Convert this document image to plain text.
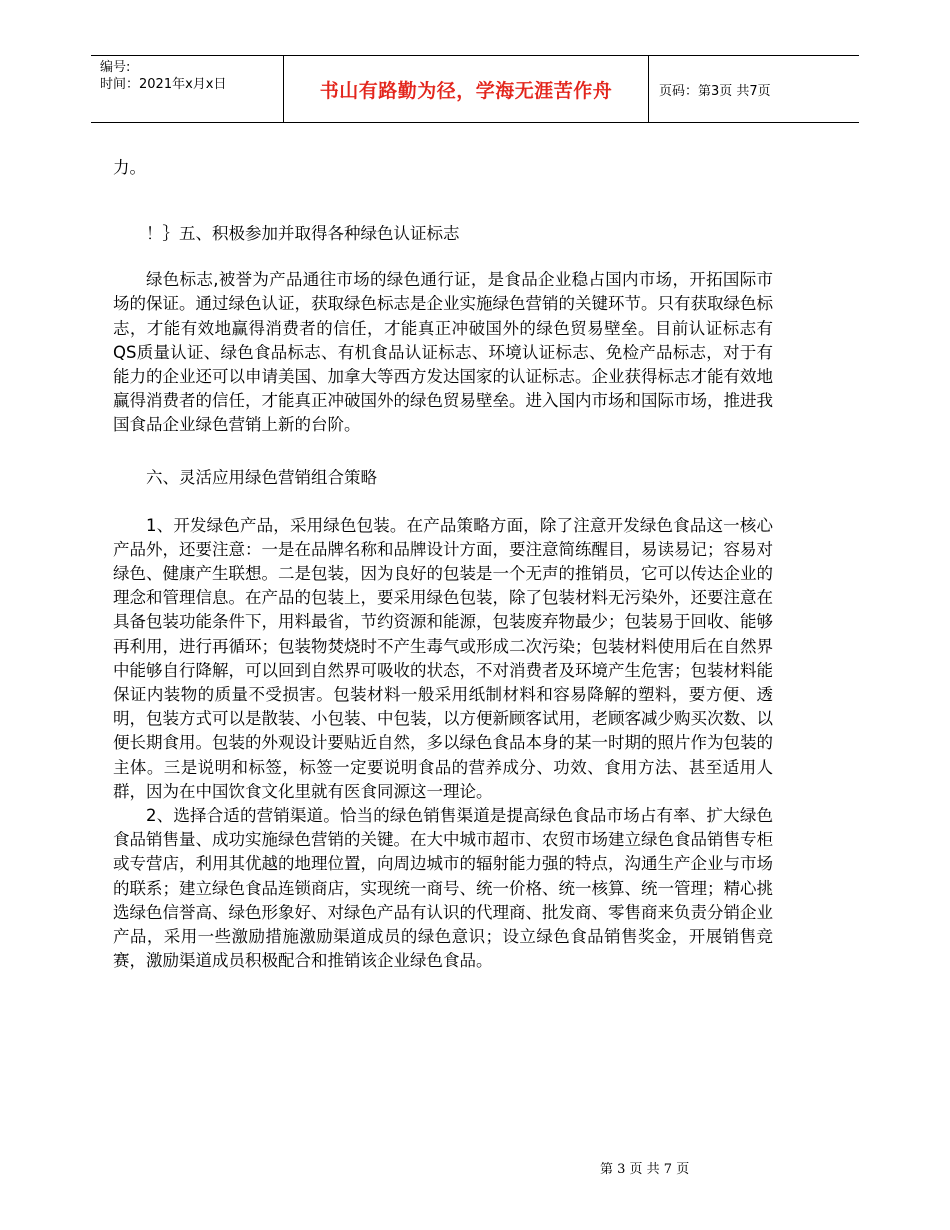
编号:
时间：2021年x月x日	书山有路勤为径，学海无涯苦作舟	页码：第3页 共7页

力。

！｝五、积极参加并取得各种绿色认证标志

绿色标志,被誉为产品通往市场的绿色通行证，是食品企业稳占国内市场，开拓国际市场的保证。通过绿色认证，获取绿色标志是企业实施绿色营销的关键环节。只有获取绿色标志，才能有效地赢得消费者的信任，才能真正冲破国外的绿色贸易壁垒。目前认证标志有QS质量认证、绿色食品标志、有机食品认证标志、环境认证标志、免检产品标志，对于有能力的企业还可以申请美国、加拿大等西方发达国家的认证标志。企业获得标志才能有效地赢得消费者的信任，才能真正冲破国外的绿色贸易壁垒。进入国内市场和国际市场，推进我国食品企业绿色营销上新的台阶。

六、灵活应用绿色营销组合策略

1、开发绿色产品，采用绿色包装。在产品策略方面，除了注意开发绿色食品这一核心产品外，还要注意：一是在品牌名称和品牌设计方面，要注意简练醒目，易读易记；容易对绿色、健康产生联想。二是包装，因为良好的包装是一个无声的推销员，它可以传达企业的理念和管理信息。在产品的包装上，要采用绿色包装，除了包装材料无污染外，还要注意在具备包装功能条件下，用料最省，节约资源和能源，包装废弃物最少；包装易于回收、能够再利用，进行再循环；包装物焚烧时不产生毒气或形成二次污染；包装材料使用后在自然界中能够自行降解，可以回到自然界可吸收的状态，不对消费者及环境产生危害；包装材料能保证内装物的质量不受损害。包装材料一般采用纸制材料和容易降解的塑料，要方便、透明，包装方式可以是散装、小包装、中包装，以方便新顾客试用，老顾客减少购买次数、以便长期食用。包装的外观设计要贴近自然，多以绿色食品本身的某一时期的照片作为包装的主体。三是说明和标签，标签一定要说明食品的营养成分、功效、食用方法、甚至适用人群，因为在中国饮食文化里就有医食同源这一理论。

2、选择合适的营销渠道。恰当的绿色销售渠道是提高绿色食品市场占有率、扩大绿色食品销售量、成功实施绿色营销的关键。在大中城市超市、农贸市场建立绿色食品销售专柜或专营店，利用其优越的地理位置，向周边城市的辐射能力强的特点，沟通生产企业与市场的联系；建立绿色食品连锁商店，实现统一商号、统一价格、统一核算、统一管理；精心挑选绿色信誉高、绿色形象好、对绿色产品有认识的代理商、批发商、零售商来负责分销企业产品，采用一些激励措施激励渠道成员的绿色意识；设立绿色食品销售奖金，开展销售竞赛，激励渠道成员积极配合和推销该企业绿色食品。

第 3 页 共 7 页
